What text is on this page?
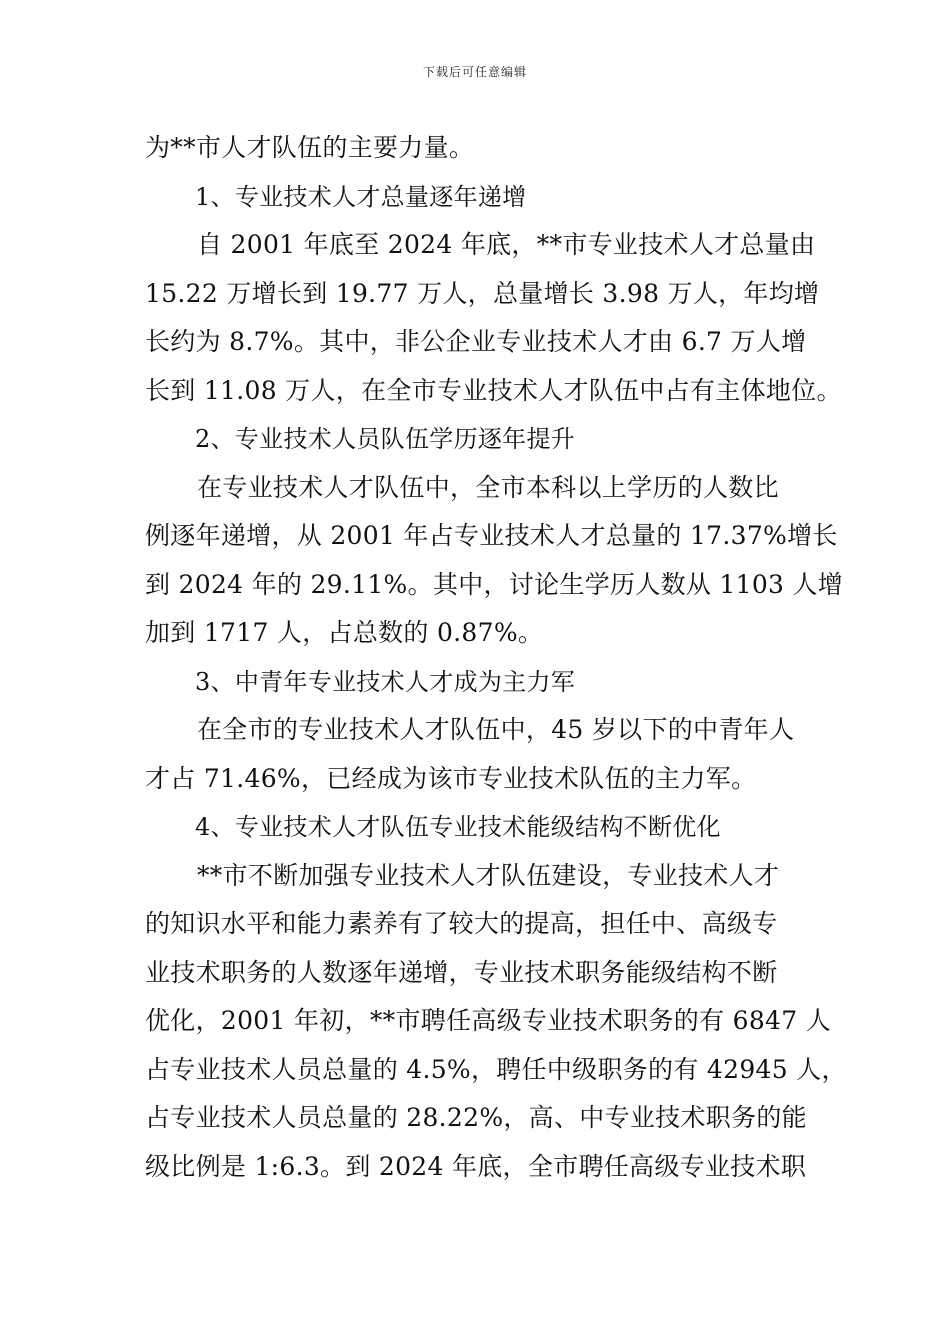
下载后可任意编辑
为**市人才队伍的主要力量。
1、专业技术人才总量逐年递增
自 2001 年底至 2024 年底，**市专业技术人才总量由
15.22 万增长到 19.77 万人，总量增长 3.98 万人，年均增
长约为 8.7%。其中，非公企业专业技术人才由 6.7 万人增
长到 11.08 万人，在全市专业技术人才队伍中占有主体地位。
2、专业技术人员队伍学历逐年提升
在专业技术人才队伍中，全市本科以上学历的人数比
例逐年递增，从 2001 年占专业技术人才总量的 17.37%增长
到 2024 年的 29.11%。其中，讨论生学历人数从 1103 人增
加到 1717 人，占总数的 0.87%。
3、中青年专业技术人才成为主力军
在全市的专业技术人才队伍中，45 岁以下的中青年人
才占 71.46%，已经成为该市专业技术队伍的主力军。
4、专业技术人才队伍专业技术能级结构不断优化
**市不断加强专业技术人才队伍建设，专业技术人才
的知识水平和能力素养有了较大的提高，担任中、高级专
业技术职务的人数逐年递增，专业技术职务能级结构不断
优化，2001 年初，**市聘任高级专业技术职务的有 6847 人
占专业技术人员总量的 4.5%，聘任中级职务的有 42945 人，
占专业技术人员总量的 28.22%，高、中专业技术职务的能
级比例是 1:6.3。到 2024 年底，全市聘任高级专业技术职
